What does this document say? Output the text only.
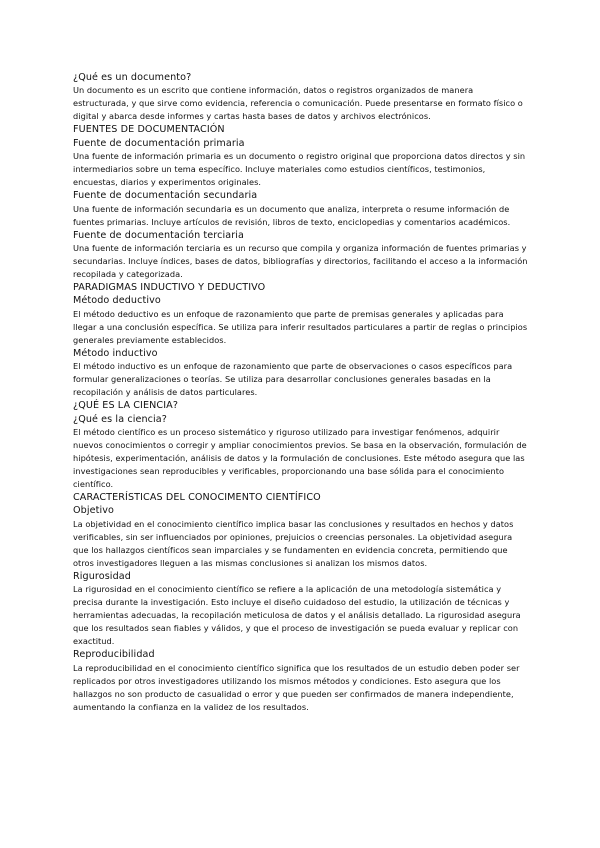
¿Qué es un documento?
Un documento es un escrito que contiene información, datos o registros organizados de manera estructurada, y que sirve como evidencia, referencia o comunicación. Puede presentarse en formato físico o digital y abarca desde informes y cartas hasta bases de datos y archivos electrónicos.
FUENTES DE DOCUMENTACIÓN
Fuente de documentación primaria
Una fuente de información primaria es un documento o registro original que proporciona datos directos y sin intermediarios sobre un tema específico. Incluye materiales como estudios científicos, testimonios, encuestas, diarios y experimentos originales.
Fuente de documentación secundaria
Una fuente de información secundaria es un documento que analiza, interpreta o resume información de fuentes primarias. Incluye artículos de revisión, libros de texto, enciclopedias y comentarios académicos.
Fuente de documentación terciaria
Una fuente de información terciaria es un recurso que compila y organiza información de fuentes primarias y secundarias. Incluye índices, bases de datos, bibliografías y directorios, facilitando el acceso a la información recopilada y categorizada.
PARADIGMAS INDUCTIVO Y DEDUCTIVO
Método deductivo
El método deductivo es un enfoque de razonamiento que parte de premisas generales y aplicadas para llegar a una conclusión específica. Se utiliza para inferir resultados particulares a partir de reglas o principios generales previamente establecidos.
Método inductivo
El método inductivo es un enfoque de razonamiento que parte de observaciones o casos específicos para formular generalizaciones o teorías. Se utiliza para desarrollar conclusiones generales basadas en la recopilación y análisis de datos particulares.
¿QUÉ ES LA CIENCIA?
¿Qué es la ciencia?
El método científico es un proceso sistemático y riguroso utilizado para investigar fenómenos, adquirir nuevos conocimientos o corregir y ampliar conocimientos previos. Se basa en la observación, formulación de hipótesis, experimentación, análisis de datos y la formulación de conclusiones. Este método asegura que las investigaciones sean reproducibles y verificables, proporcionando una base sólida para el conocimiento científico.
CARACTERÍSTICAS DEL CONOCIMENTO CIENTÍFICO
Objetivo
La objetividad en el conocimiento científico implica basar las conclusiones y resultados en hechos y datos verificables, sin ser influenciados por opiniones, prejuicios o creencias personales. La objetividad asegura que los hallazgos científicos sean imparciales y se fundamenten en evidencia concreta, permitiendo que otros investigadores lleguen a las mismas conclusiones si analizan los mismos datos.
Rigurosidad
La rigurosidad en el conocimiento científico se refiere a la aplicación de una metodología sistemática y precisa durante la investigación. Esto incluye el diseño cuidadoso del estudio, la utilización de técnicas y herramientas adecuadas, la recopilación meticulosa de datos y el análisis detallado. La rigurosidad asegura que los resultados sean fiables y válidos, y que el proceso de investigación se pueda evaluar y replicar con exactitud.
Reproducibilidad
La reproducibilidad en el conocimiento científico significa que los resultados de un estudio deben poder ser replicados por otros investigadores utilizando los mismos métodos y condiciones. Esto asegura que los hallazgos no son producto de casualidad o error y que pueden ser confirmados de manera independiente, aumentando la confianza en la validez de los resultados.
